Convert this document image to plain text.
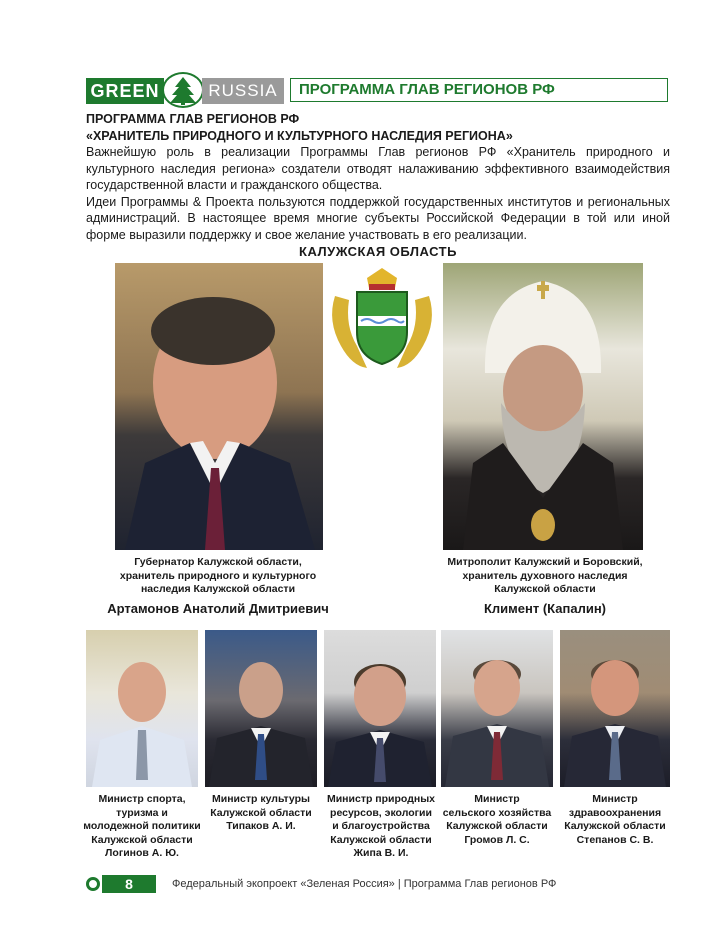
GREEN	RUSSIA	ПРОГРАММА ГЛАВ РЕГИОНОВ РФ
ПРОГРАММА ГЛАВ РЕГИОНОВ РФ
«ХРАНИТЕЛЬ ПРИРОДНОГО И КУЛЬТУРНОГО НАСЛЕДИЯ РЕГИОНА»
Важнейшую роль в реализации Программы Глав регионов РФ «Хранитель природного и культурного наследия региона» создатели отводят налаживанию эффективного взаимодействия государственной власти и гражданского общества.
Идеи Программы & Проекта пользуются поддержкой государственных институтов и региональных администраций. В настоящее время многие субъекты Российской Федерации в той или иной форме выразили поддержку и свое желание участвовать в его реализации.
КАЛУЖСКАЯ ОБЛАСТЬ
Губернатор Калужской области,
хранитель природного и культурного
наследия Калужской области
Артамонов Анатолий Дмитриевич
Митрополит Калужский и Боровский,
хранитель духовного наследия
Калужской области
Климент (Капалин)
Министр спорта,
туризма и
молодежной политики
Калужской области
Логинов А. Ю.
Министр культуры
Калужской области
Типаков А. И.
Министр природных
ресурсов, экологии
и благоустройства
Калужской области
Жипа В. И.
Министр
сельского хозяйства
Калужской области
Громов Л. С.
Министр
здравоохранения
Калужской области
Степанов С. В.
8	Федеральный экопроект «Зеленая Россия» | Программа Глав регионов РФ
